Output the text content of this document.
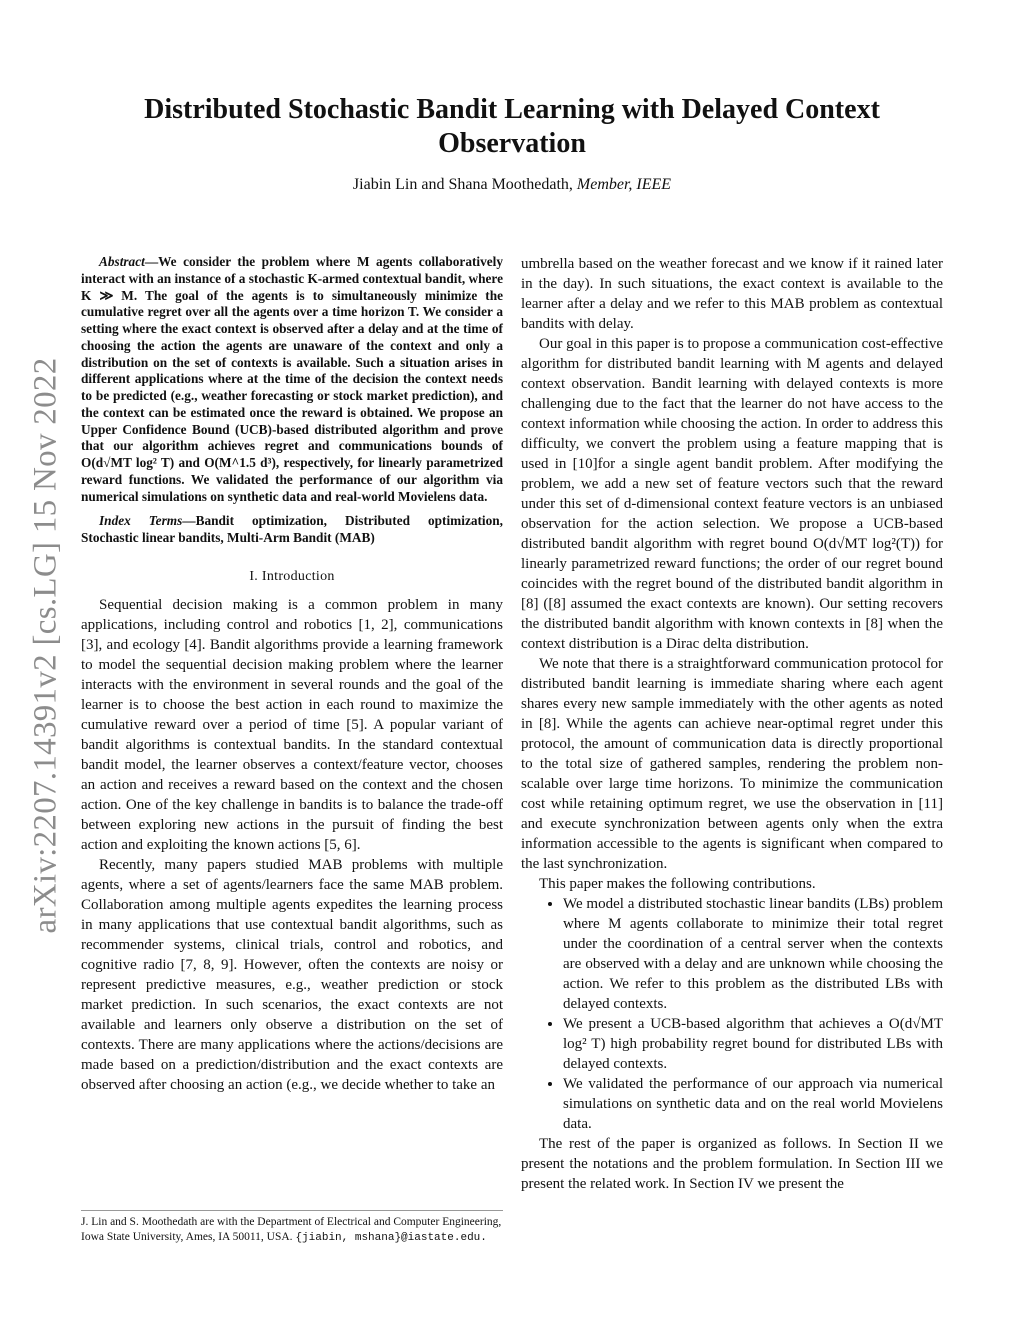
arXiv:2207.14391v2 [cs.LG] 15 Nov 2022
Distributed Stochastic Bandit Learning with Delayed Context Observation
Jiabin Lin and Shana Moothedath, Member, IEEE

Abstract—We consider the problem where M agents collaboratively interact with an instance of a stochastic K-armed contextual bandit, where K ≫ M. The goal of the agents is to simultaneously minimize the cumulative regret over all the agents over a time horizon T. We consider a setting where the exact context is observed after a delay and at the time of choosing the action the agents are unaware of the context and only a distribution on the set of contexts is available. Such a situation arises in different applications where at the time of the decision the context needs to be predicted (e.g., weather forecasting or stock market prediction), and the context can be estimated once the reward is obtained. We propose an Upper Confidence Bound (UCB)-based distributed algorithm and prove that our algorithm achieves regret and communications bounds of O(d√MT log² T) and O(M^1.5 d³), respectively, for linearly parametrized reward functions. We validated the performance of our algorithm via numerical simulations on synthetic data and real-world Movielens data.

Index Terms—Bandit optimization, Distributed optimization, Stochastic linear bandits, Multi-Arm Bandit (MAB)

I. Introduction

Sequential decision making is a common problem in many applications, including control and robotics [1, 2], communications [3], and ecology [4]. Bandit algorithms provide a learning framework to model the sequential decision making problem where the learner interacts with the environment in several rounds and the goal of the learner is to choose the best action in each round to maximize the cumulative reward over a period of time [5]. A popular variant of bandit algorithms is contextual bandits. In the standard contextual bandit model, the learner observes a context/feature vector, chooses an action and receives a reward based on the context and the chosen action. One of the key challenge in bandits is to balance the trade-off between exploring new actions in the pursuit of finding the best action and exploiting the known actions [5, 6].

Recently, many papers studied MAB problems with multiple agents, where a set of agents/learners face the same MAB problem. Collaboration among multiple agents expedites the learning process in many applications that use contextual bandit algorithms, such as recommender systems, clinical trials, control and robotics, and cognitive radio [7, 8, 9]. However, often the contexts are noisy or represent predictive measures, e.g., weather prediction or stock market prediction. In such scenarios, the exact contexts are not available and learners only observe a distribution on the set of contexts. There are many applications where the actions/decisions are made based on a prediction/distribution and the exact contexts are observed after choosing an action (e.g., we decide whether to take an

umbrella based on the weather forecast and we know if it rained later in the day). In such situations, the exact context is available to the learner after a delay and we refer to this MAB problem as contextual bandits with delay.

Our goal in this paper is to propose a communication cost-effective algorithm for distributed bandit learning with M agents and delayed context observation. Bandit learning with delayed contexts is more challenging due to the fact that the learner do not have access to the context information while choosing the action. In order to address this difficulty, we convert the problem using a feature mapping that is used in [10]for a single agent bandit problem. After modifying the problem, we add a new set of feature vectors such that the reward under this set of d-dimensional context feature vectors is an unbiased observation for the action selection. We propose a UCB-based distributed bandit algorithm with regret bound O(d√MT log²(T)) for linearly parametrized reward functions; the order of our regret bound coincides with the regret bound of the distributed bandit algorithm in [8] ([8] assumed the exact contexts are known). Our setting recovers the distributed bandit algorithm with known contexts in [8] when the context distribution is a Dirac delta distribution.

We note that there is a straightforward communication protocol for distributed bandit learning is immediate sharing where each agent shares every new sample immediately with the other agents as noted in [8]. While the agents can achieve near-optimal regret under this protocol, the amount of communication data is directly proportional to the total size of gathered samples, rendering the problem non-scalable over large time horizons. To minimize the communication cost while retaining optimum regret, we use the observation in [11] and execute synchronization between agents only when the extra information accessible to the agents is significant when compared to the last synchronization.

This paper makes the following contributions.

• We model a distributed stochastic linear bandits (LBs) problem where M agents collaborate to minimize their total regret under the coordination of a central server when the contexts are observed with a delay and are unknown while choosing the action. We refer to this problem as the distributed LBs with delayed contexts.
• We present a UCB-based algorithm that achieves a O(d√MT log² T) high probability regret bound for distributed LBs with delayed contexts.
• We validated the performance of our approach via numerical simulations on synthetic data and on the real world Movielens data.

The rest of the paper is organized as follows. In Section II we present the notations and the problem formulation. In Section III we present the related work. In Section IV we present the

J. Lin and S. Moothedath are with the Department of Electrical and Computer Engineering, Iowa State University, Ames, IA 50011, USA. {jiabin, mshana}@iastate.edu.
